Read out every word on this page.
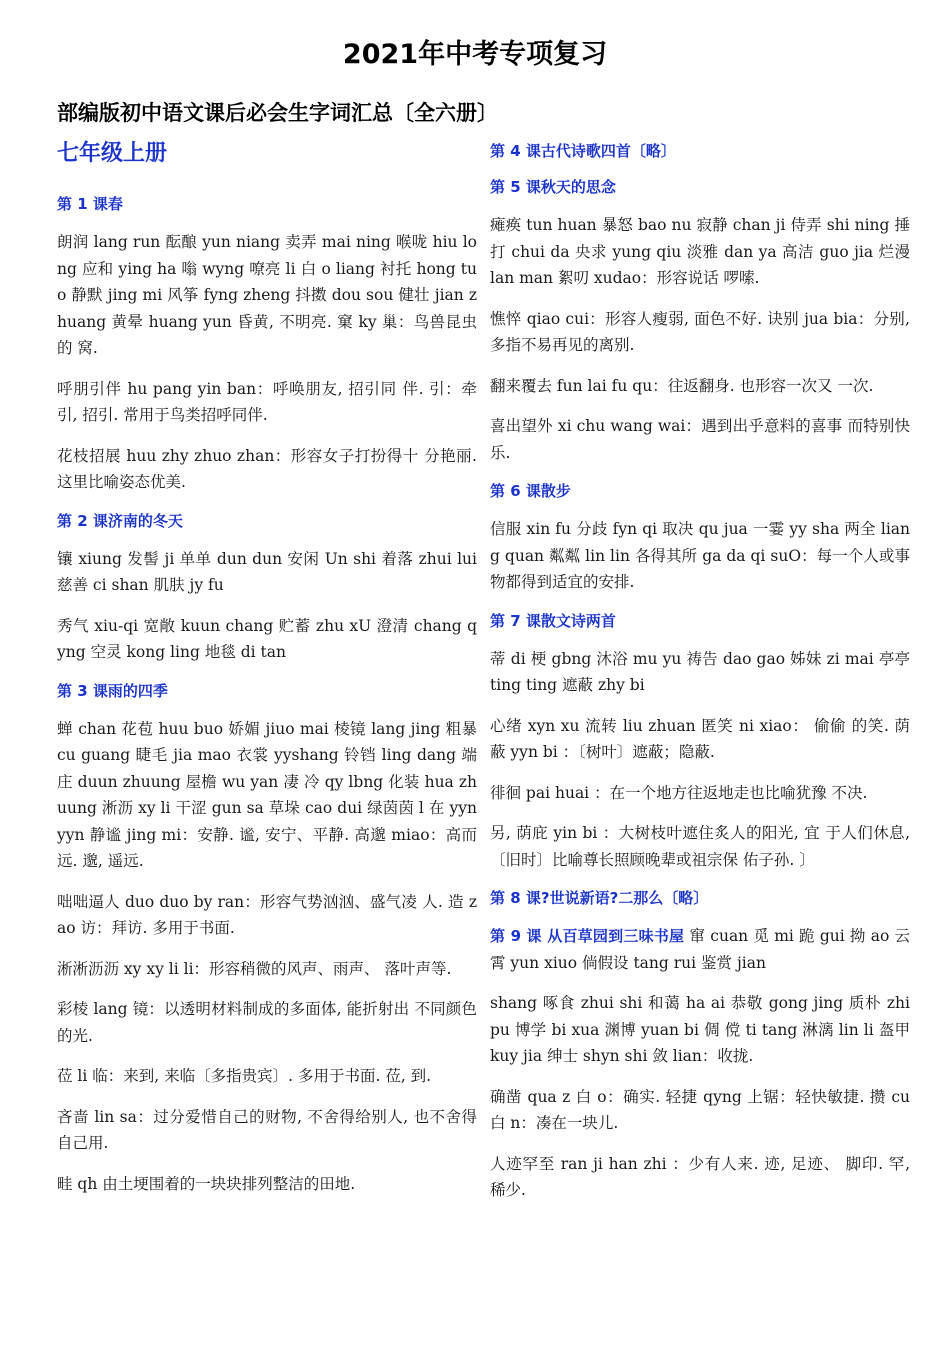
2021年中考专项复习
部编版初中语文课后必会生字词汇总〔全六册〕
七年级上册
第 1 课春
朗润 lang run 酝酿 yun niang 卖弄 mai ning 喉咙 hiu long 应和 ying ha 嗡 wyng 嘹亮 li 白 o liang 衬托 hong tuo 静默 jing mi 风筝 fyng zheng 抖擞 dou sou 健壮 jian zhuang 黄晕 huang yun 昏黄, 不明亮. 窠 ky 巢：鸟兽昆虫的 窝.
呼朋引伴 hu pang yin ban：呼唤朋友, 招引同 伴. 引：牵引, 招引. 常用于鸟类招呼同伴.
花枝招展 huu zhy zhuo zhan：形容女子打扮得十 分艳丽. 这里比喻姿态优美.
第 2 课济南的冬天
镶 xiung 发髻 ji 单单 dun dun 安闲 Un shi 着落 zhui lui 慈善 ci shan 肌肤 jy fu
秀气 xiu-qi 宽敞 kuun chang 贮蓄 zhu xU 澄清 chang qyng 空灵 kong ling 地毯 di tan
第 3 课雨的四季
蝉 chan 花苞 huu buo 娇媚 jiuo mai 棱镜 lang jing 粗暴 cu guang 睫毛 jia mao 衣裳 yyshang 铃铛 ling dang 端庄 duun zhuung 屋檐 wu yan 凄 冷 qy lbng 化装 hua zhuung 淅沥 xy li 干涩 gun sa 草垛 cao dui 绿茵茵 l 在 yyn yyn 静谧 jing mi：安静. 谧, 安宁、平静. 高邈 miao：高而远. 邈, 遥远.
咄咄逼人 duo duo by ran：形容气势汹汹、盛气凌 人. 造 zao 访：拜访. 多用于书面.
淅淅沥沥 xy xy li li：形容稍微的风声、雨声、 落叶声等.
彩棱 lang 镜：以透明材料制成的多面体, 能折射出 不同颜色的光.
莅 li 临：来到, 来临〔多指贵宾〕. 多用于书面. 莅, 到.
吝啬 lin sa：过分爱惜自己的财物, 不舍得给别人, 也不舍得自己用.
畦 qh 由土埂围着的一块块排列整洁的田地.
第 4 课古代诗歌四首〔略〕
第 5 课秋天的思念
瘫痪 tun huan 暴怒 bao nu 寂静 chan ji 侍弄 shi ning 捶打 chui da 央求 yung qiu 淡雅 dan ya 高洁 guo jia 烂漫 lan man 絮叨 xudao：形容说话 啰嗦.
憔悴 qiao cui：形容人瘦弱, 面色不好. 诀别 jua bia：分别, 多指不易再见的离别.
翻来覆去 fun lai fu qu：往返翻身. 也形容一次又 一次.
喜出望外 xi chu wang wai：遇到出乎意料的喜事 而特别快乐.
第 6 课散步
信服 xin fu 分歧 fyn qi 取决 qu jua 一霎 yy sha 两全 liang quan 粼粼 lin lin 各得其所 ga da qi suO：每一个人或事物都得到适宜的安排.
第 7 课散文诗两首
蒂 di 梗 gbng 沐浴 mu yu 祷告 dao gao 姊妹 zi mai 亭亭 ting ting 遮蔽 zhy bi
心绪 xyn xu 流转 liu zhuan 匿笑 ni xiao： 偷偷 的笑. 荫蔽 yyn bi ：〔树叶〕遮蔽；隐蔽.
徘徊 pai huai ：在一个地方往返地走也比喻犹豫 不决.
另, 荫庇 yin bi ：大树枝叶遮住炙人的阳光, 宜 于人们休息, 〔旧时〕比喻尊长照顾晚辈或祖宗保 佑子孙. 〕
第 8 课?世说新语?二那么〔略〕
第 9 课 从百草园到三味书屋 窜 cuan 觅 mi 跪 gui 拗 ao 云霄 yun xiuo 倘假设 tang rui 鉴赏 jian
shang 啄食 zhui shi 和蔼 ha ai 恭敬 gong jing 质朴 zhi pu 博学 bi xua 渊博 yuan bi 倜 傥 ti tang 淋漓 lin li 盔甲 kuy jia 绅士 shyn shi 敛 lian：收拢.
确凿 qua z 白 o：确实. 轻捷 qyng 上锯：轻快敏捷. 攒 cu 白 n：凑在一块儿.
人迹罕至 ran ji han zhi ：少有人来. 迹, 足迹、 脚印. 罕, 稀少.
